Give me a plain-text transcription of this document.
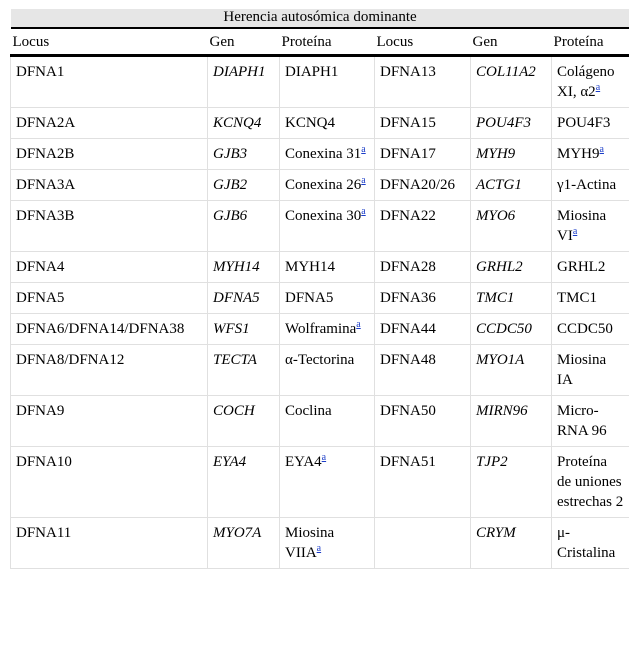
Herencia autosómica dominante					
Locus	Gen	Proteína	Locus	Gen	Proteína
DFNA1	DIAPH1	DIAPH1	DFNA13	COL11A2	Colágeno XI, α2$^a$
DFNA2A	KCNQ4	KCNQ4	DFNA15	POU4F3	POU4F3
DFNA2B	GJB3	Conexina 31$^a$	DFNA17	MYH9	MYH9$^a$
DFNA3A	GJB2	Conexina 26$^a$	DFNA20/26	ACTG1	γ1-Actina
DFNA3B	GJB6	Conexina 30$^a$	DFNA22	MYO6	Miosina VI$^a$
DFNA4	MYH14	MYH14	DFNA28	GRHL2	GRHL2
DFNA5	DFNA5	DFNA5	DFNA36	TMC1	TMC1
DFNA6/DFNA14/DFNA38	WFS1	Wolframina$^a$	DFNA44	CCDC50	CCDC50
DFNA8/DFNA12	TECTA	α-Tectorina	DFNA48	MYO1A	Miosina IA
DFNA9	COCH	Coclina	DFNA50	MIRN96	Micro-RNA 96
DFNA10	EYA4	EYA4$^a$	DFNA51	TJP2	Proteína de uniones estrechas 2
DFNA11	MYO7A	Miosina VIIA$^a$		CRYM	μ-Cristalina
